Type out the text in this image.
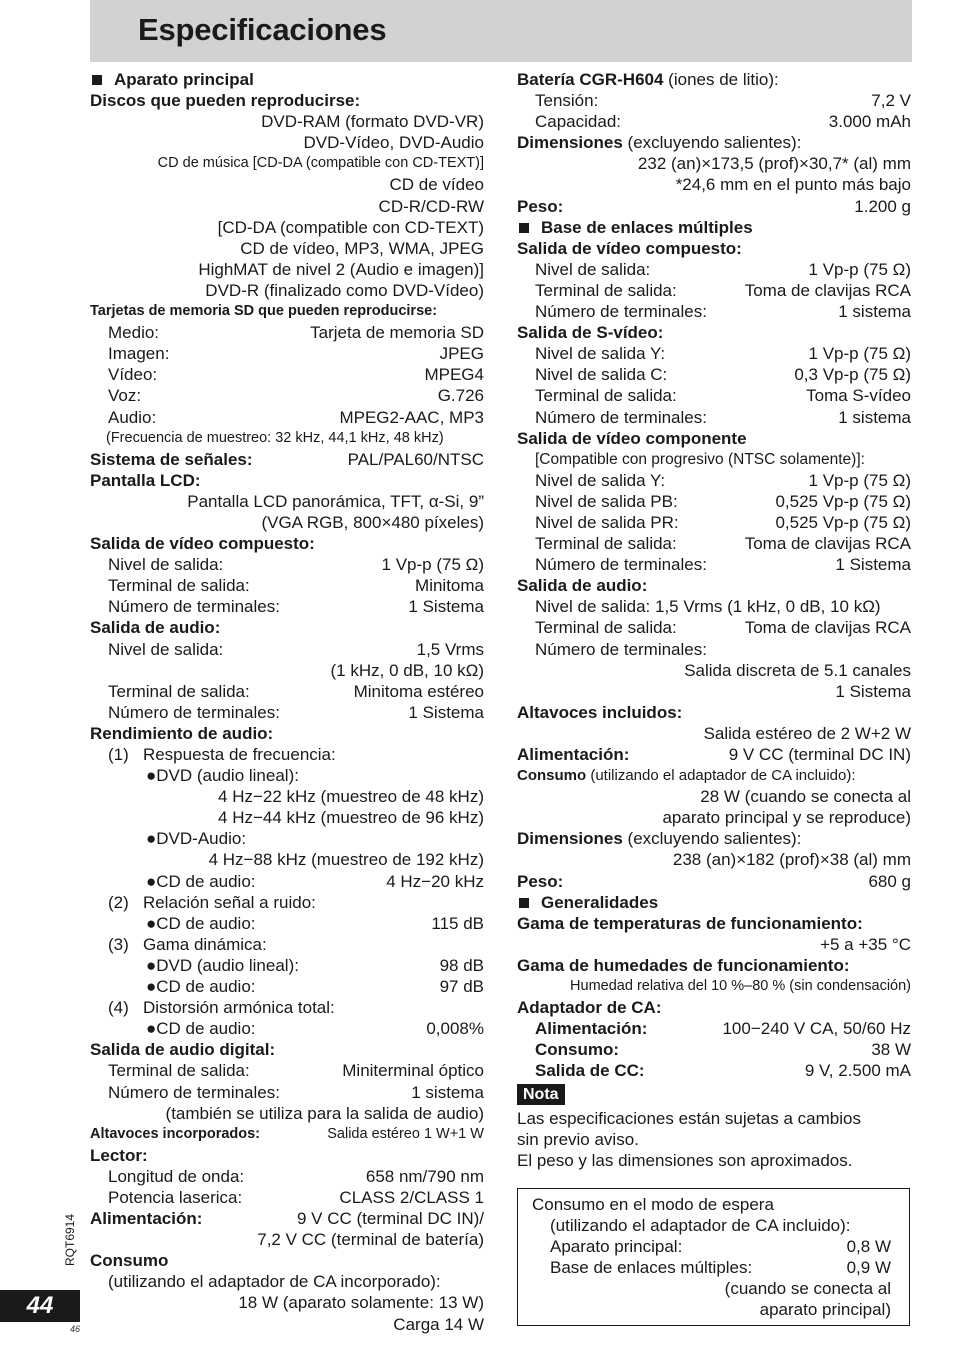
Especificaciones
Aparato principal
Discos que pueden reproducirse:
DVD-RAM (formato DVD-VR)
DVD-Vídeo, DVD-Audio
CD de música [CD-DA (compatible con CD-TEXT)]
CD de vídeo
CD-R/CD-RW
[CD-DA (compatible con CD-TEXT)
CD de vídeo, MP3, WMA, JPEG
HighMAT de nivel 2 (Audio e imagen)]
DVD-R (finalizado como DVD-Vídeo)
Tarjetas de memoria SD que pueden reproducirse:
Medio:	Tarjeta de memoria SD
Imagen:	JPEG
Vídeo:	MPEG4
Voz:	G.726
Audio:	MPEG2-AAC, MP3
(Frecuencia de muestreo: 32 kHz, 44,1 kHz, 48 kHz)
Sistema de señales:	PAL/PAL60/NTSC
Pantalla LCD:
Pantalla LCD panorámica, TFT, α-Si, 9”
(VGA RGB, 800×480 píxeles)
Salida de vídeo compuesto:
Nivel de salida:	1 Vp-p (75 Ω)
Terminal de salida:	Minitoma
Número de terminales:	1 Sistema
Salida de audio:
Nivel de salida:	1,5 Vrms
(1 kHz, 0 dB, 10 kΩ)
Terminal de salida:	Minitoma estéreo
Número de terminales:	1 Sistema
Rendimiento de audio:
(1)   Respuesta de frecuencia:
●DVD (audio lineal):
4 Hz−22 kHz (muestreo de 48 kHz)
4 Hz−44 kHz (muestreo de 96 kHz)
●DVD-Audio:
4 Hz−88 kHz (muestreo de 192 kHz)
●CD de audio:	4 Hz−20 kHz
(2)   Relación señal a ruido:
●CD de audio:	115 dB
(3)   Gama dinámica:
●DVD (audio lineal):	98 dB
●CD de audio:	97 dB
(4)   Distorsión armónica total:
●CD de audio:	0,008%
Salida de audio digital:
Terminal de salida:	Miniterminal óptico
Número de terminales:	1 sistema
(también se utiliza para la salida de audio)
Altavoces incorporados:	Salida estéreo 1 W+1 W
Lector:
Longitud de onda:	658 nm/790 nm
Potencia laserica:	CLASS 2/CLASS 1
Alimentación:	9 V CC (terminal DC IN)/
7,2 V CC (terminal de batería)
Consumo
(utilizando el adaptador de CA incorporado):
18 W (aparato solamente: 13 W)
Carga 14 W
Batería CGR-H604 (iones de litio):
Tensión:	7,2 V
Capacidad:	3.000 mAh
Dimensiones (excluyendo salientes):
232 (an)×173,5 (prof)×30,7* (al) mm
*24,6 mm en el punto más bajo
Peso:	1.200 g
Base de enlaces múltiples
Salida de vídeo compuesto:
Nivel de salida:	1 Vp-p (75 Ω)
Terminal de salida:	Toma de clavijas RCA
Número de terminales:	1 sistema
Salida de S-vídeo:
Nivel de salida Y:	1 Vp-p (75 Ω)
Nivel de salida C:	0,3 Vp-p (75 Ω)
Terminal de salida:	Toma S-vídeo
Número de terminales:	1 sistema
Salida de vídeo componente
[Compatible con progresivo (NTSC solamente)]:
Nivel de salida Y:	1 Vp-p (75 Ω)
Nivel de salida PB:	0,525 Vp-p (75 Ω)
Nivel de salida PR:	0,525 Vp-p (75 Ω)
Terminal de salida:	Toma de clavijas RCA
Número de terminales:	1 Sistema
Salida de audio:
Nivel de salida: 1,5 Vrms (1 kHz, 0 dB, 10 kΩ)
Terminal de salida:	Toma de clavijas RCA
Número de terminales:
Salida discreta de 5.1 canales
1 Sistema
Altavoces incluidos:
Salida estéreo de 2 W+2 W
Alimentación:	9 V CC (terminal DC IN)
Consumo (utilizando el adaptador de CA incluido):
28 W (cuando se conecta al
aparato principal y se reproduce)
Dimensiones (excluyendo salientes):
238 (an)×182 (prof)×38 (al) mm
Peso:	680 g
Generalidades
Gama de temperaturas de funcionamiento:
+5 a +35 °C
Gama de humedades de funcionamiento:
Humedad relativa del 10 %–80 % (sin condensación)
Adaptador de CA:
Alimentación:	100−240 V CA, 50/60 Hz
Consumo:	38 W
Salida de CC:	9 V, 2.500 mA
Nota
Las especificaciones están sujetas a cambios
sin previo aviso.
El peso y las dimensiones son aproximados.
Consumo en el modo de espera
(utilizando el adaptador de CA incluido):
Aparato principal:	0,8 W
Base de enlaces múltiples:	0,9 W
(cuando se conecta al
aparato principal)
RQT6914
44
46
